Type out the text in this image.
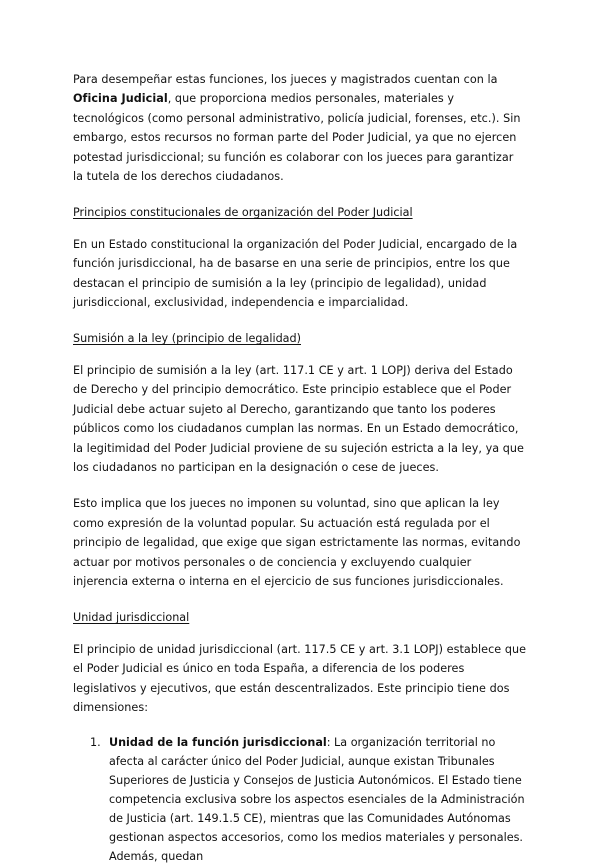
Para desempeñar estas funciones, los jueces y magistrados cuentan con la Oficina Judicial, que proporciona medios personales, materiales y tecnológicos (como personal administrativo, policía judicial, forenses, etc.). Sin embargo, estos recursos no forman parte del Poder Judicial, ya que no ejercen potestad jurisdiccional; su función es colaborar con los jueces para garantizar la tutela de los derechos ciudadanos.

Principios constitucionales de organización del Poder Judicial

En un Estado constitucional la organización del Poder Judicial, encargado de la función jurisdiccional, ha de basarse en una serie de principios, entre los que destacan el principio de sumisión a la ley (principio de legalidad), unidad jurisdiccional, exclusividad, independencia e imparcialidad.

Sumisión a la ley (principio de legalidad)

El principio de sumisión a la ley (art. 117.1 CE y art. 1 LOPJ) deriva del Estado de Derecho y del principio democrático. Este principio establece que el Poder Judicial debe actuar sujeto al Derecho, garantizando que tanto los poderes públicos como los ciudadanos cumplan las normas. En un Estado democrático, la legitimidad del Poder Judicial proviene de su sujeción estricta a la ley, ya que los ciudadanos no participan en la designación o cese de jueces.

Esto implica que los jueces no imponen su voluntad, sino que aplican la ley como expresión de la voluntad popular. Su actuación está regulada por el principio de legalidad, que exige que sigan estrictamente las normas, evitando actuar por motivos personales o de conciencia y excluyendo cualquier injerencia externa o interna en el ejercicio de sus funciones jurisdiccionales.

Unidad jurisdiccional

El principio de unidad jurisdiccional (art. 117.5 CE y art. 3.1 LOPJ) establece que el Poder Judicial es único en toda España, a diferencia de los poderes legislativos y ejecutivos, que están descentralizados. Este principio tiene dos dimensiones:

1. Unidad de la función jurisdiccional: La organización territorial no afecta al carácter único del Poder Judicial, aunque existan Tribunales Superiores de Justicia y Consejos de Justicia Autonómicos. El Estado tiene competencia exclusiva sobre los aspectos esenciales de la Administración de Justicia (art. 149.1.5 CE), mientras que las Comunidades Autónomas gestionan aspectos accesorios, como los medios materiales y personales. Además, quedan
